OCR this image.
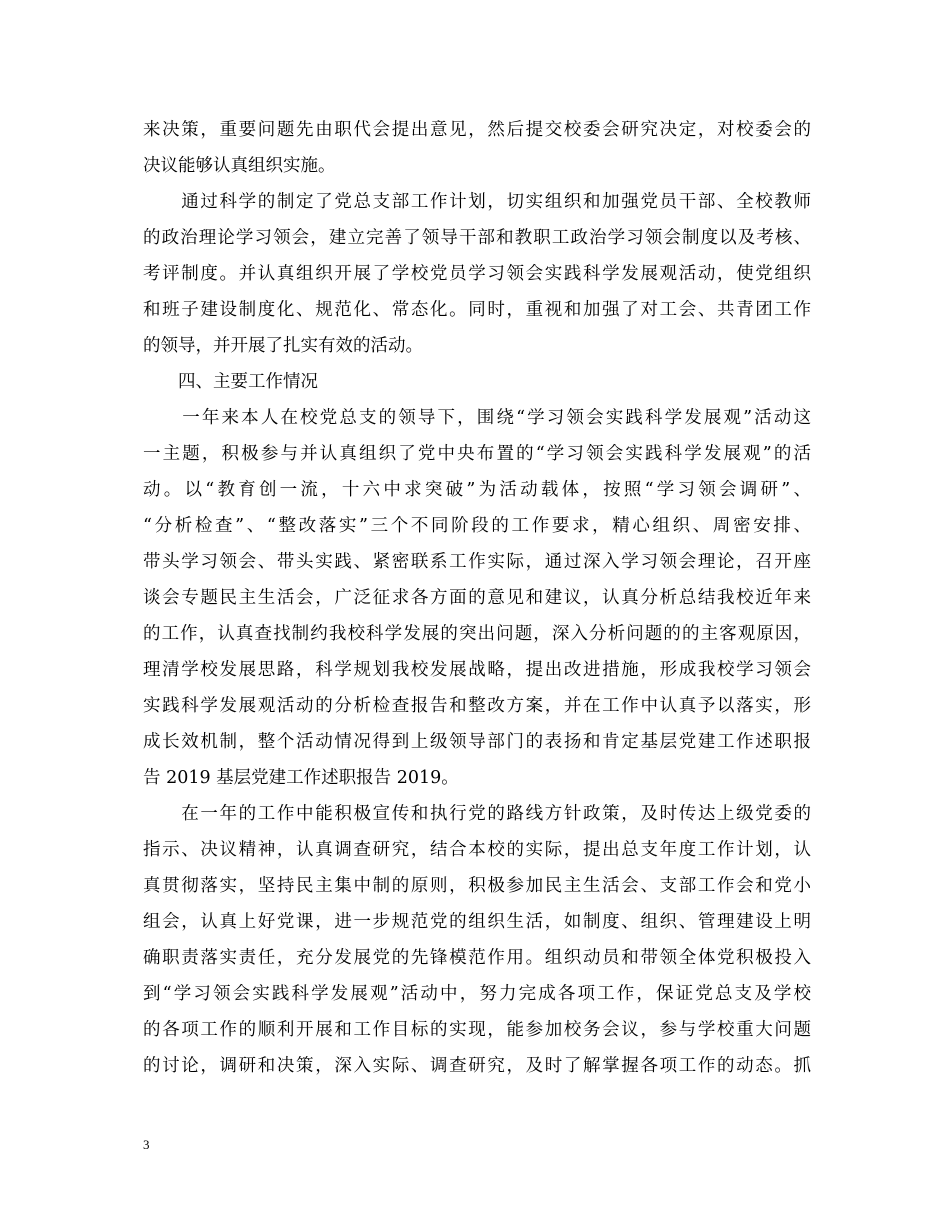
来决策，重要问题先由职代会提出意见，然后提交校委会研究决定，对校委会的
决议能够认真组织实施。
　　通过科学的制定了党总支部工作计划，切实组织和加强党员干部、全校教师
的政治理论学习领会，建立完善了领导干部和教职工政治学习领会制度以及考核、
考评制度。并认真组织开展了学校党员学习领会实践科学发展观活动，使党组织
和班子建设制度化、规范化、常态化。同时，重视和加强了对工会、共青团工作
的领导，并开展了扎实有效的活动。
　　四、主要工作情况
　　一年来本人在校党总支的领导下，围绕“学习领会实践科学发展观”活动这
一主题，积极参与并认真组织了党中央布置的“学习领会实践科学发展观”的活
动。以“教育创一流，十六中求突破”为活动载体，按照“学习领会调研”、
“分析检查”、“整改落实”三个不同阶段的工作要求，精心组织、周密安排、
带头学习领会、带头实践、紧密联系工作实际，通过深入学习领会理论，召开座
谈会专题民主生活会，广泛征求各方面的意见和建议，认真分析总结我校近年来
的工作，认真查找制约我校科学发展的突出问题，深入分析问题的的主客观原因，
理清学校发展思路，科学规划我校发展战略，提出改进措施，形成我校学习领会
实践科学发展观活动的分析检查报告和整改方案，并在工作中认真予以落实，形
成长效机制，整个活动情况得到上级领导部门的表扬和肯定基层党建工作述职报
告 2019 基层党建工作述职报告 2019。
　　在一年的工作中能积极宣传和执行党的路线方针政策，及时传达上级党委的
指示、决议精神，认真调查研究，结合本校的实际，提出总支年度工作计划，认
真贯彻落实，坚持民主集中制的原则，积极参加民主生活会、支部工作会和党小
组会，认真上好党课，进一步规范党的组织生活，如制度、组织、管理建设上明
确职责落实责任，充分发展党的先锋模范作用。组织动员和带领全体党积极投入
到“学习领会实践科学发展观”活动中，努力完成各项工作，保证党总支及学校
的各项工作的顺利开展和工作目标的实现，能参加校务会议，参与学校重大问题
的讨论，调研和决策，深入实际、调查研究，及时了解掌握各项工作的动态。抓
3
